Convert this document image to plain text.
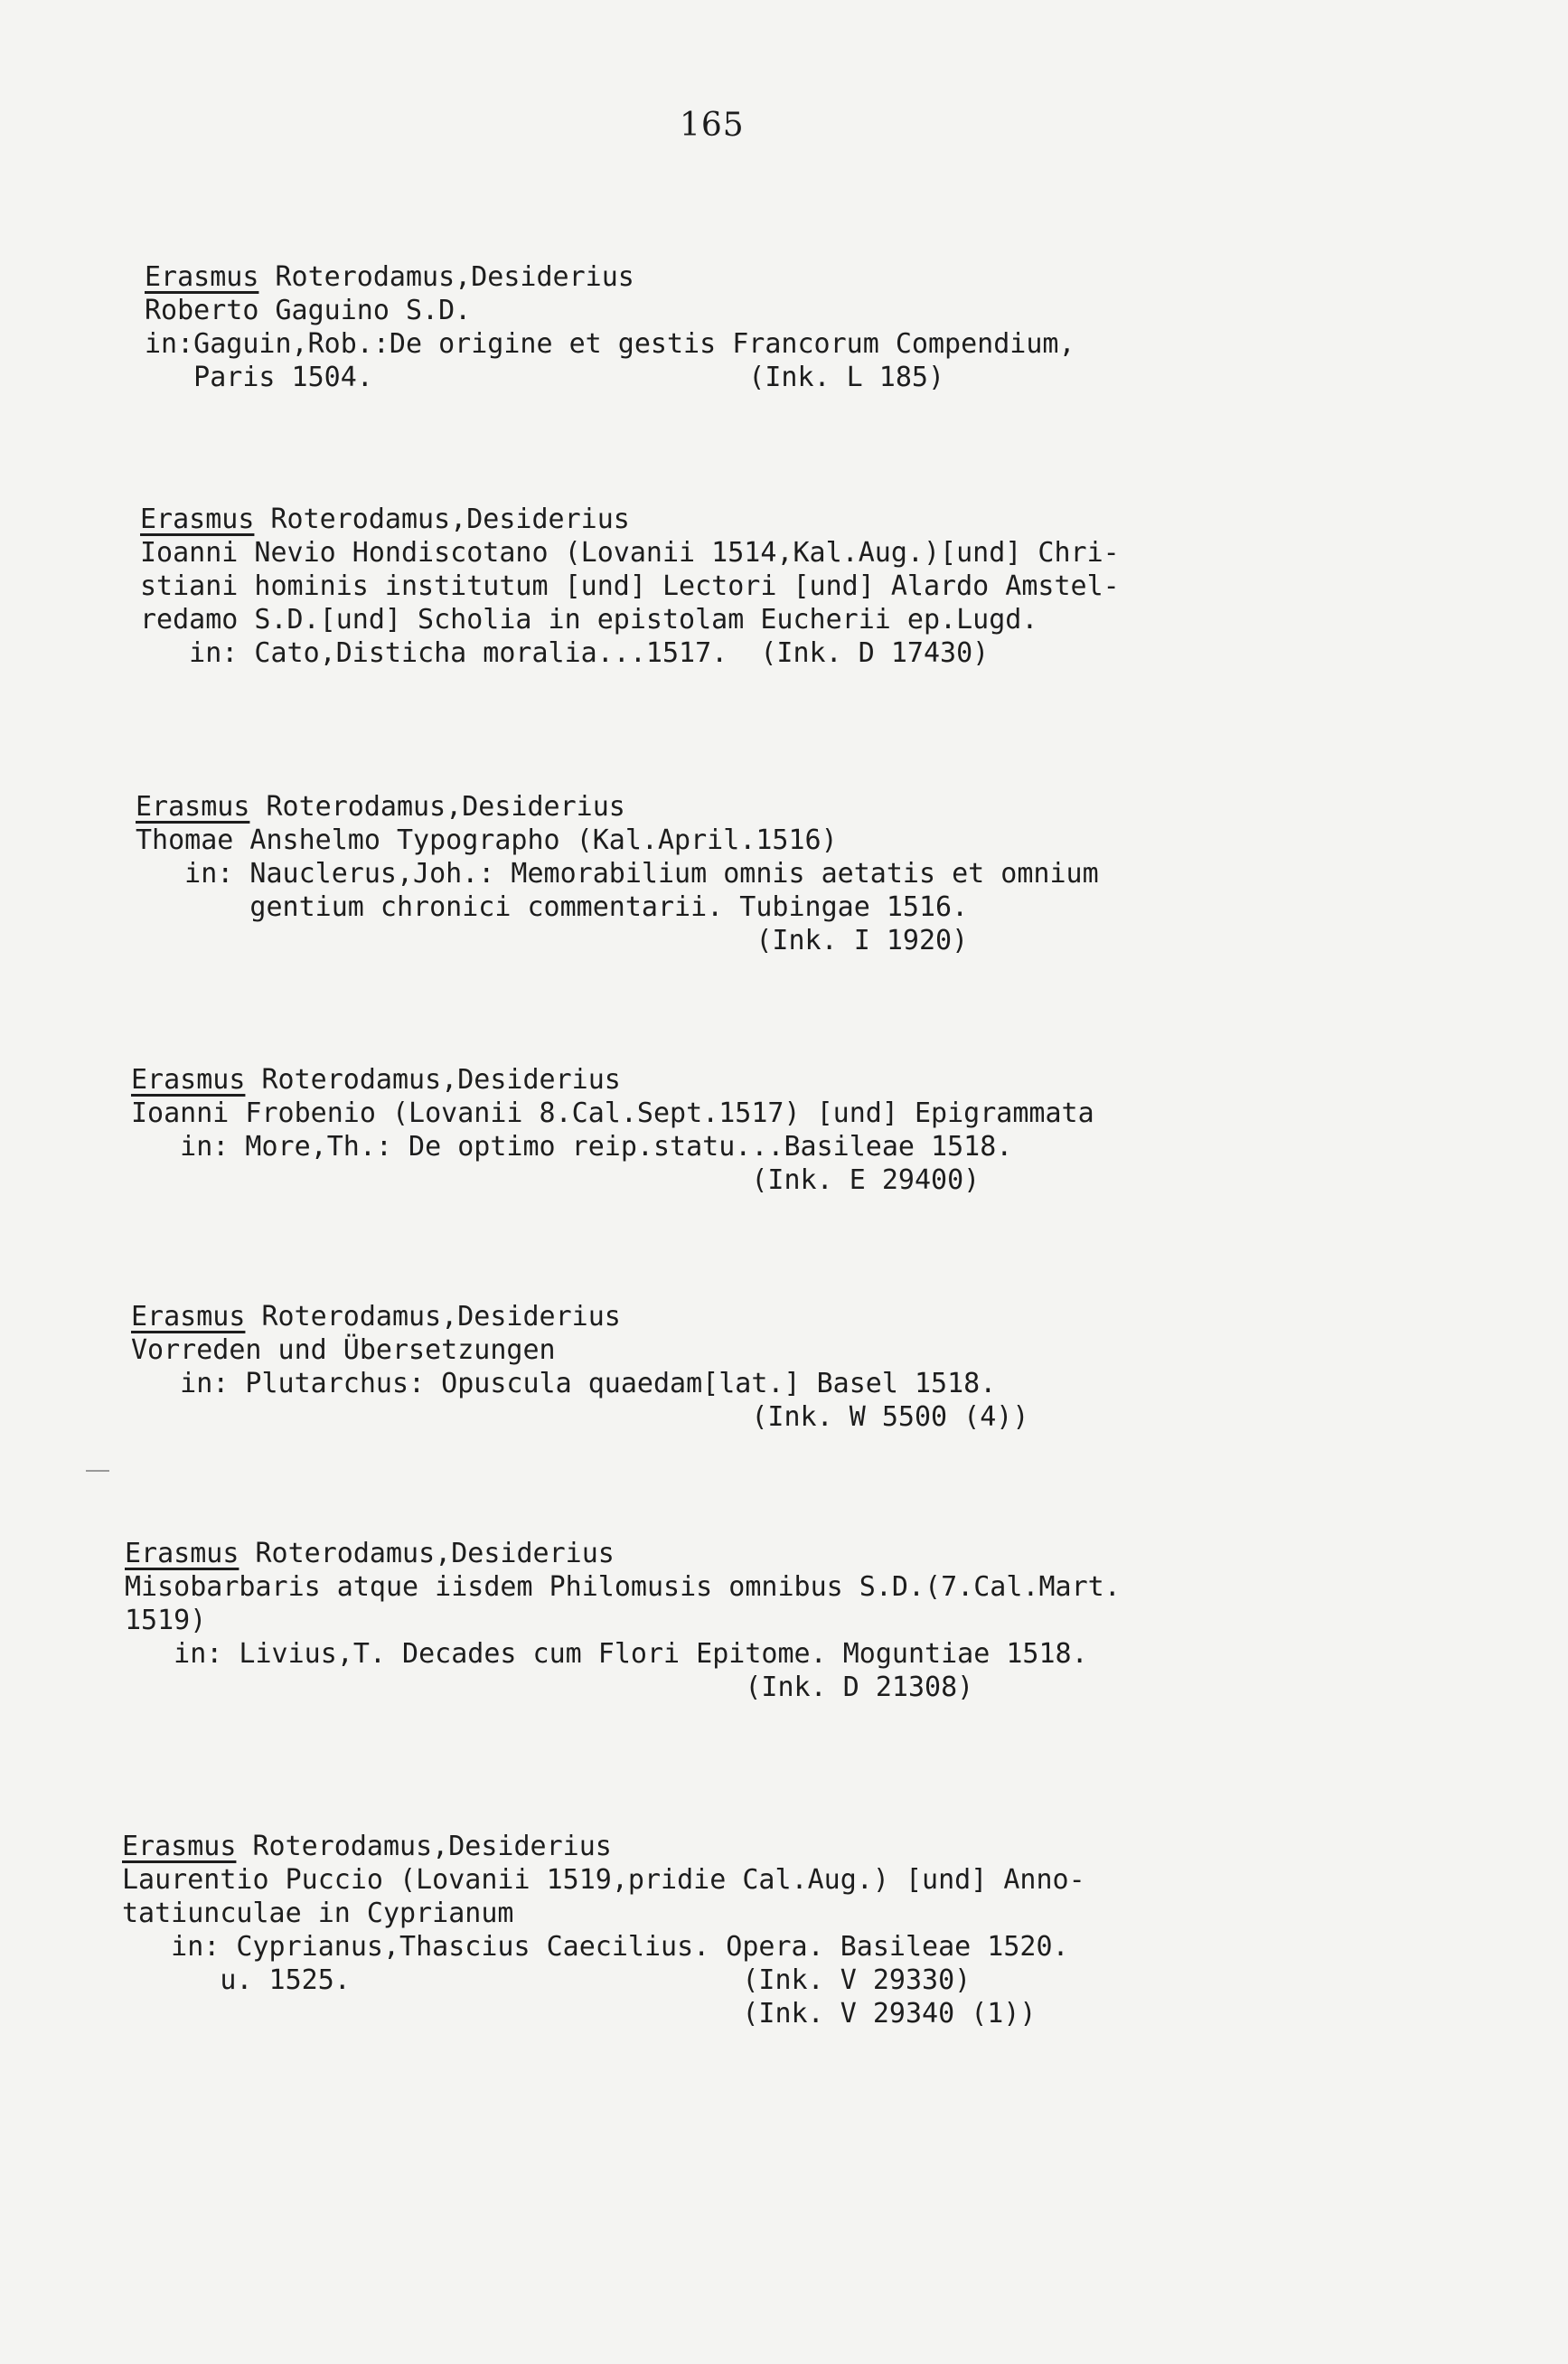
165
Erasmus Roterodamus,Desiderius
Roberto Gaguino S.D.
in:Gaguin,Rob.:De origine et gestis Francorum Compendium,
Paris 1504.                       (Ink. L 185)
Erasmus Roterodamus,Desiderius
Ioanni Nevio Hondiscotano (Lovanii 1514,Kal.Aug.)[und] Chri-
stiani hominis institutum [und] Lectori [und] Alardo Amstel-
redamo S.D.[und] Scholia in epistolam Eucherii ep.Lugd.
in: Cato,Disticha moralia...1517.  (Ink. D 17430)
Erasmus Roterodamus,Desiderius
Thomae Anshelmo Typographo (Kal.April.1516)
in: Nauclerus,Joh.: Memorabilium omnis aetatis et omnium
gentium chronici commentarii. Tubingae 1516.
(Ink. I 1920)
Erasmus Roterodamus,Desiderius
Ioanni Frobenio (Lovanii 8.Cal.Sept.1517) [und] Epigrammata
in: More,Th.: De optimo reip.statu...Basileae 1518.
(Ink. E 29400)
Erasmus Roterodamus,Desiderius
Vorreden und Übersetzungen
in: Plutarchus: Opuscula quaedam[lat.] Basel 1518.
(Ink. W 5500 (4))
Erasmus Roterodamus,Desiderius
Misobarbaris atque iisdem Philomusis omnibus S.D.(7.Cal.Mart.
1519)
in: Livius,T. Decades cum Flori Epitome. Moguntiae 1518.
(Ink. D 21308)
Erasmus Roterodamus,Desiderius
Laurentio Puccio (Lovanii 1519,pridie Cal.Aug.) [und] Anno-
tatiunculae in Cyprianum
in: Cyprianus,Thascius Caecilius. Opera. Basileae 1520.
u. 1525.                        (Ink. V 29330)
(Ink. V 29340 (1))
